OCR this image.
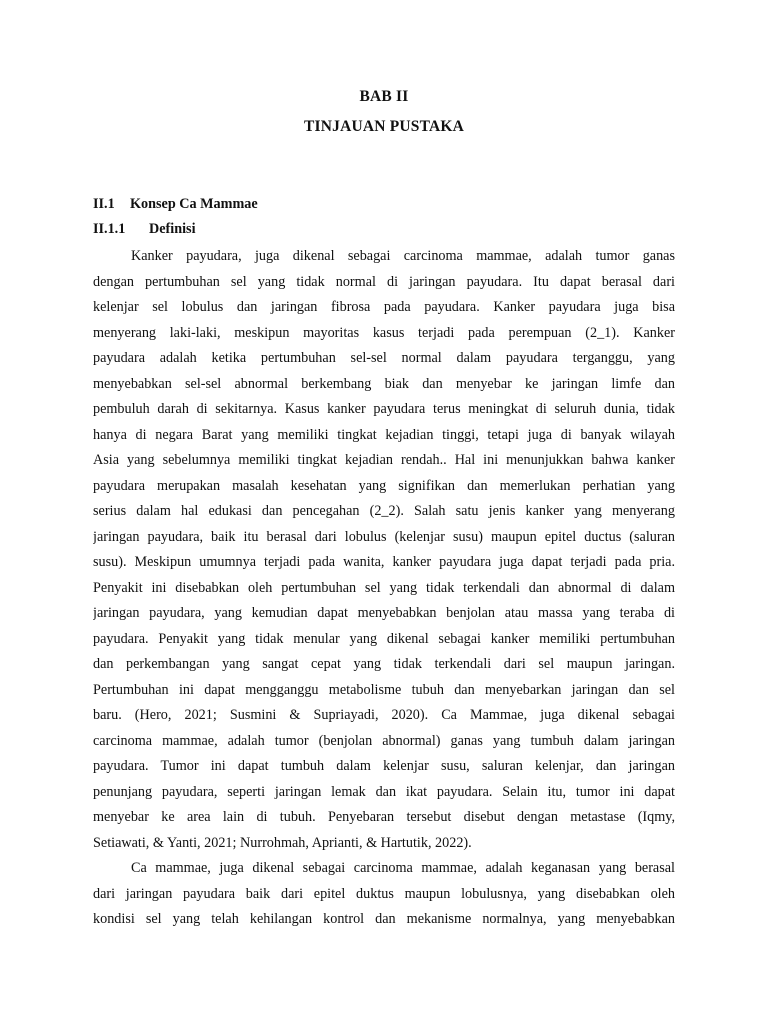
BAB II
TINJAUAN PUSTAKA
II.1 Konsep Ca Mammae
II.1.1 Definisi
Kanker payudara, juga dikenal sebagai carcinoma mammae, adalah tumor ganas
dengan pertumbuhan sel yang tidak normal di jaringan payudara. Itu dapat berasal dari
kelenjar sel lobulus dan jaringan fibrosa pada payudara. Kanker payudara juga bisa
menyerang laki-laki, meskipun mayoritas kasus terjadi pada perempuan (2_1). Kanker
payudara adalah ketika pertumbuhan sel-sel normal dalam payudara terganggu, yang
menyebabkan sel-sel abnormal berkembang biak dan menyebar ke jaringan limfe dan
pembuluh darah di sekitarnya. Kasus kanker payudara terus meningkat di seluruh dunia, tidak
hanya di negara Barat yang memiliki tingkat kejadian tinggi, tetapi juga di banyak wilayah
Asia yang sebelumnya memiliki tingkat kejadian rendah.. Hal ini menunjukkan bahwa kanker
payudara merupakan masalah kesehatan yang signifikan dan memerlukan perhatian yang
serius dalam hal edukasi dan pencegahan (2_2). Salah satu jenis kanker yang menyerang
jaringan payudara, baik itu berasal dari lobulus (kelenjar susu) maupun epitel ductus (saluran
susu). Meskipun umumnya terjadi pada wanita, kanker payudara juga dapat terjadi pada pria.
Penyakit ini disebabkan oleh pertumbuhan sel yang tidak terkendali dan abnormal di dalam
jaringan payudara, yang kemudian dapat menyebabkan benjolan atau massa yang teraba di
payudara. Penyakit yang tidak menular yang dikenal sebagai kanker memiliki pertumbuhan
dan perkembangan yang sangat cepat yang tidak terkendali dari sel maupun jaringan.
Pertumbuhan ini dapat mengganggu metabolisme tubuh dan menyebarkan jaringan dan sel
baru. (Hero, 2021; Susmini & Supriayadi, 2020). Ca Mammae, juga dikenal sebagai
carcinoma mammae, adalah tumor (benjolan abnormal) ganas yang tumbuh dalam jaringan
payudara. Tumor ini dapat tumbuh dalam kelenjar susu, saluran kelenjar, dan jaringan
penunjang payudara, seperti jaringan lemak dan ikat payudara. Selain itu, tumor ini dapat
menyebar ke area lain di tubuh. Penyebaran tersebut disebut dengan metastase (Iqmy,
Setiawati, & Yanti, 2021; Nurrohmah, Aprianti, & Hartutik, 2022).
Ca mammae, juga dikenal sebagai carcinoma mammae, adalah keganasan yang berasal
dari jaringan payudara baik dari epitel duktus maupun lobulusnya, yang disebabkan oleh
kondisi sel yang telah kehilangan kontrol dan mekanisme normalnya, yang menyebabkan
